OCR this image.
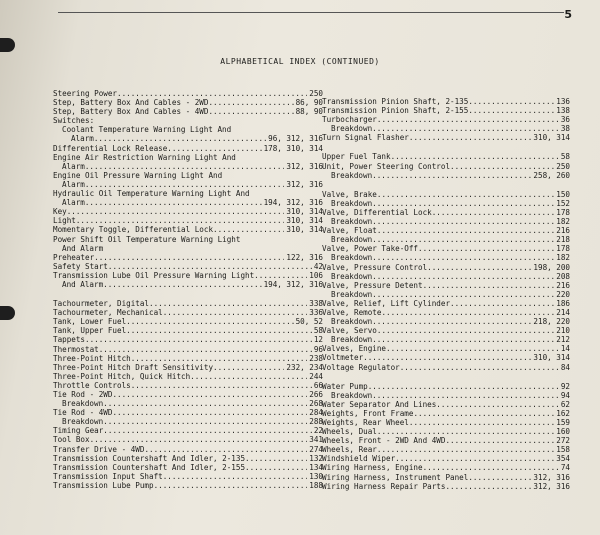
5
ALPHABETICAL INDEX (CONTINUED)
Steering Power .....	250
Step, Battery Box And Cables - 2WD .....	86, 90
Step, Battery Box And Cables - 4WD .....	88, 90
Switches:
Coolant Temperature Warning Light And
Alarm .....	96, 312, 316
Differential Lock Release .....	178, 310, 314
Engine Air Restriction Warning Light And
Alarm .....	312, 316
Engine Oil Pressure Warning Light And
Alarm .....	312, 316
Hydraulic Oil Temperature Warning Light And
Alarm .....	194, 312, 316
Key .....	310, 314
Light .....	310, 314
Momentary Toggle, Differential Lock .....	310, 314
Power Shift Oil Temperature Warning Light
And Alarm
Preheater .....	122, 316
Safety Start .....	42
Transmission Lube Oil Pressure Warning Light .....	106
And Alarm .....	194, 312, 316
Tachourmeter, Digital .....	338
Tachourmeter, Mechanical .....	336
Tank, Lower Fuel .....	50, 52
Tank, Upper Fuel .....	58
Tappets .....	12
Thermostat .....	96
Three-Point Hitch .....	238
Three-Point Hitch Draft Sensitivity .....	232, 234
Three-Point Hitch, Quick Hitch .....	244
Throttle Controls .....	66
Tie Rod - 2WD .....	266
Breakdown .....	268
Tie Rod - 4WD .....	284
Breakdown .....	288
Timing Gear .....	22
Tool Box .....	341
Transfer Drive - 4WD .....	274
Transmission Countershaft And Idler, 2-135 .....	132
Transmission Countershaft And Idler, 2-155 .....	134
Transmission Input Shaft .....	130
Transmission Lube Pump .....	188
Transmission Pinion Shaft, 2-135 .....	136
Transmission Pinion Shaft, 2-155 .....	138
Turbocharger .....	36
Breakdown .....	38
Turn Signal Flasher .....	310, 314
Upper Fuel Tank .....	58
Unit, Power Steering Control .....	250
Breakdown .....	258, 260
Valve, Brake .....	150
Breakdown .....	152
Valve, Differential Lock .....	178
Breakdown .....	182
Valve, Float .....	216
Breakdown .....	218
Valve, Power Take-Off .....	178
Breakdown .....	182
Valve, Pressure Control .....	198, 200
Breakdown .....	208
Valve, Pressure Detent .....	216
Breakdown .....	220
Valve, Relief, Lift Cylinder .....	186
Valve, Remote .....	214
Breakdown .....	218, 220
Valve, Servo .....	210
Breakdown .....	212
Valves, Engine .....	14
Voltmeter .....	310, 314
Voltage Regulator .....	84
Water Pump .....	92
Breakdown .....	94
Water Separator And Lines .....	62
Weights, Front Frame .....	162
Weights, Rear Wheel .....	159
Wheels, Dual .....	160
Wheels, Front - 2WD And 4WD .....	272
Wheels, Rear .....	158
Windshield Wiper .....	354
Wiring Harness, Engine .....	74
Wiring Harness, Instrument Panel .....	312, 316
Wiring Harness Repair Parts .....	312, 316
